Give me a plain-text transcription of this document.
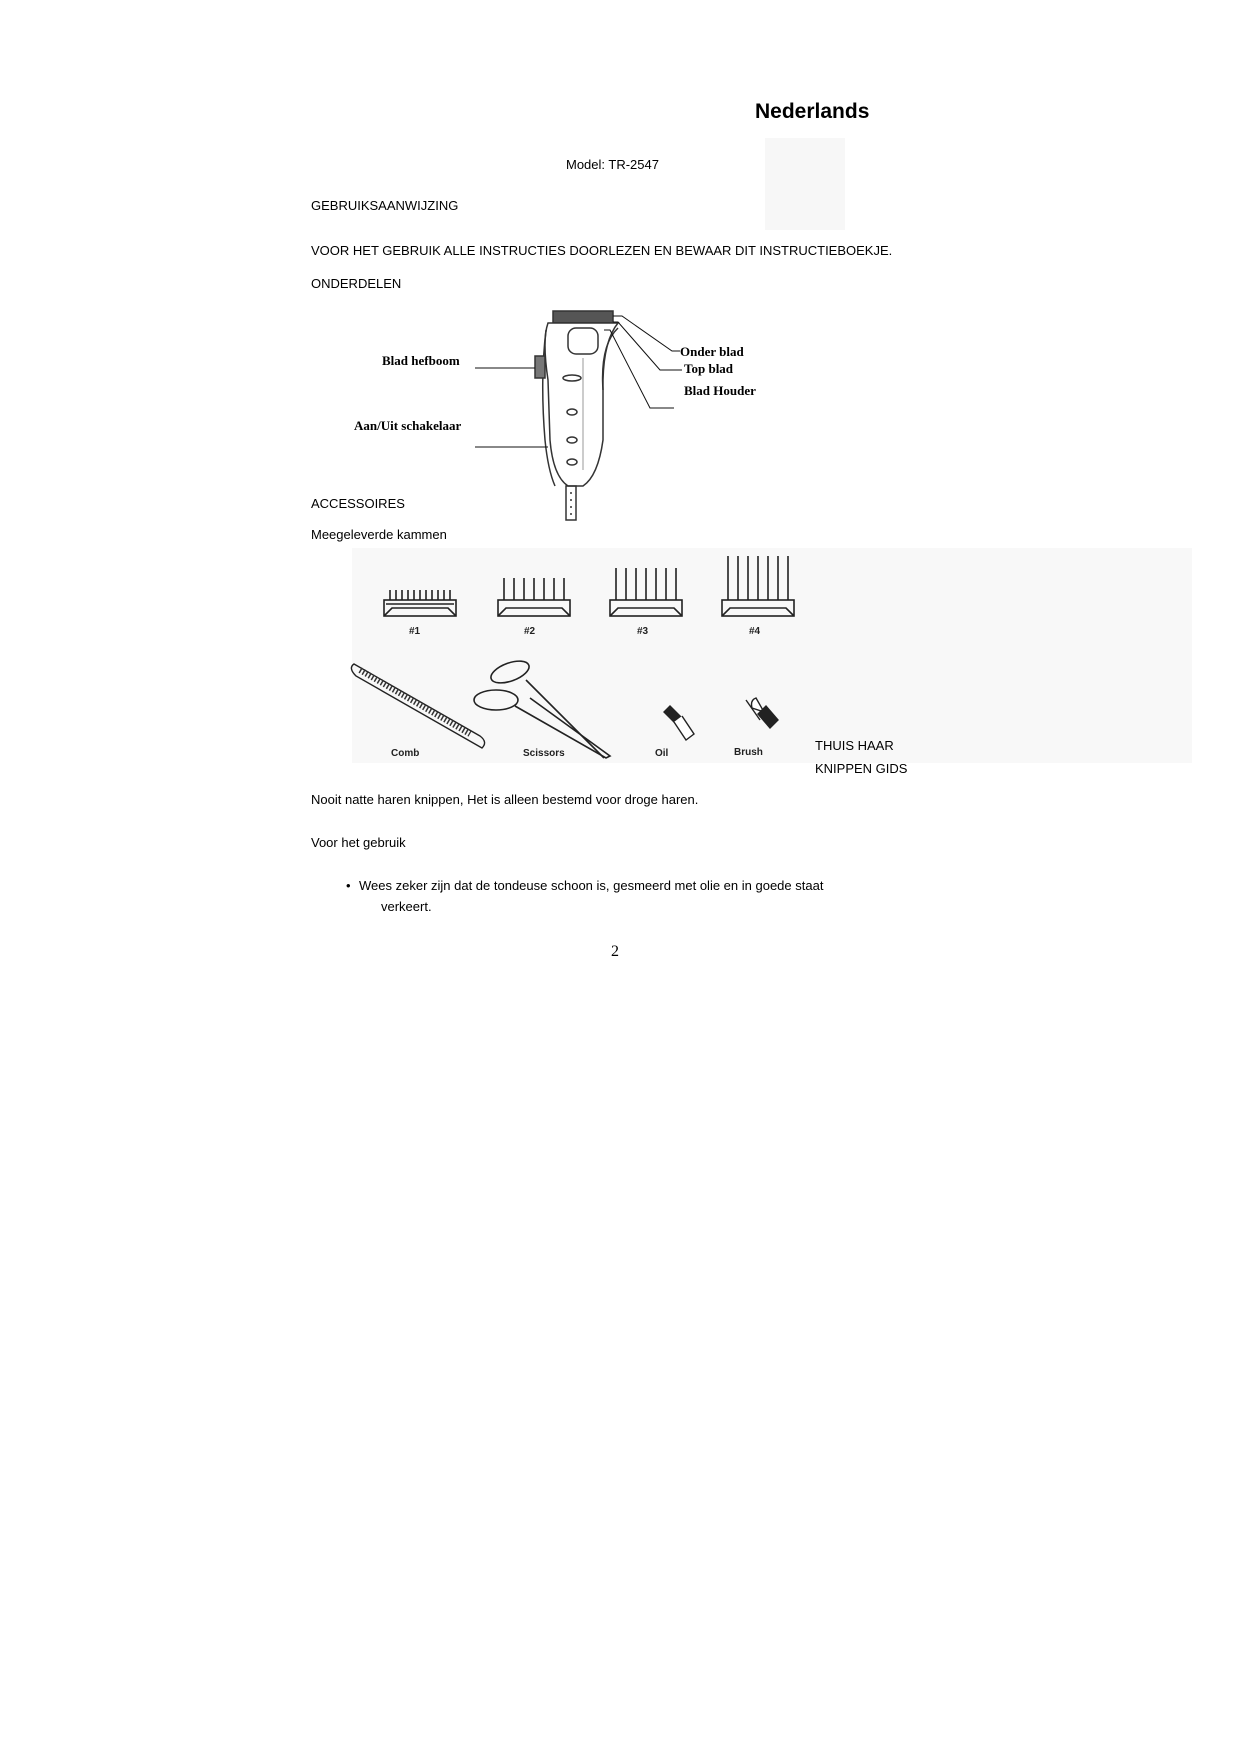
Nederlands
Model: TR-2547
GEBRUIKSAANWIJZING
VOOR HET GEBRUIK ALLE INSTRUCTIES DOORLEZEN EN BEWAAR DIT INSTRUCTIEBOEKJE.
ONDERDELEN
Blad hefboom
Aan/Uit schakelaar
Onder blad
Top blad
Blad Houder
ACCESSOIRES
Meegeleverde kammen
#1	#2	#3	#4
Comb	Scissors	Oil	Brush	THUIS HAAR
KNIPPEN GIDS
Nooit natte haren knippen, Het is alleen bestemd voor droge haren.
Voor het gebruik
• Wees zeker zijn dat de tondeuse schoon is, gesmeerd met olie en in goede staat
verkeert.
2
